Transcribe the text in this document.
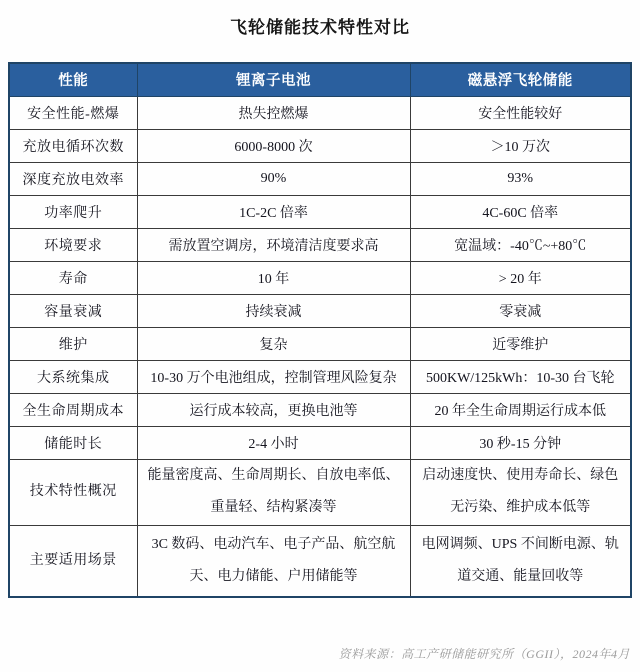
飞轮储能技术特性对比
性能	锂离子电池	磁悬浮飞轮储能
安全性能-燃爆	热失控燃爆	安全性能较好
充放电循环次数	6000-8000 次	＞10 万次
深度充放电效率	90%	93%
功率爬升	1C-2C 倍率	4C-60C 倍率
环境要求	需放置空调房，环境清洁度要求高	宽温域：-40℃~+80℃
寿命	10 年	> 20 年
容量衰减	持续衰减	零衰减
维护	复杂	近零维护
大系统集成	10-30 万个电池组成，控制管理风险复杂	500KW/125kWh：10-30 台飞轮
全生命周期成本	运行成本较高，更换电池等	20 年全生命周期运行成本低
储能时长	2-4 小时	30 秒-15 分钟
技术特性概况	能量密度高、生命周期长、自放电率低、重量轻、结构紧凑等	启动速度快、使用寿命长、绿色无污染、维护成本低等
主要适用场景	3C 数码、电动汽车、电子产品、航空航天、电力储能、户用储能等	电网调频、UPS 不间断电源、轨道交通、能量回收等
资料来源：高工产研储能研究所（GGII），2024年4月
